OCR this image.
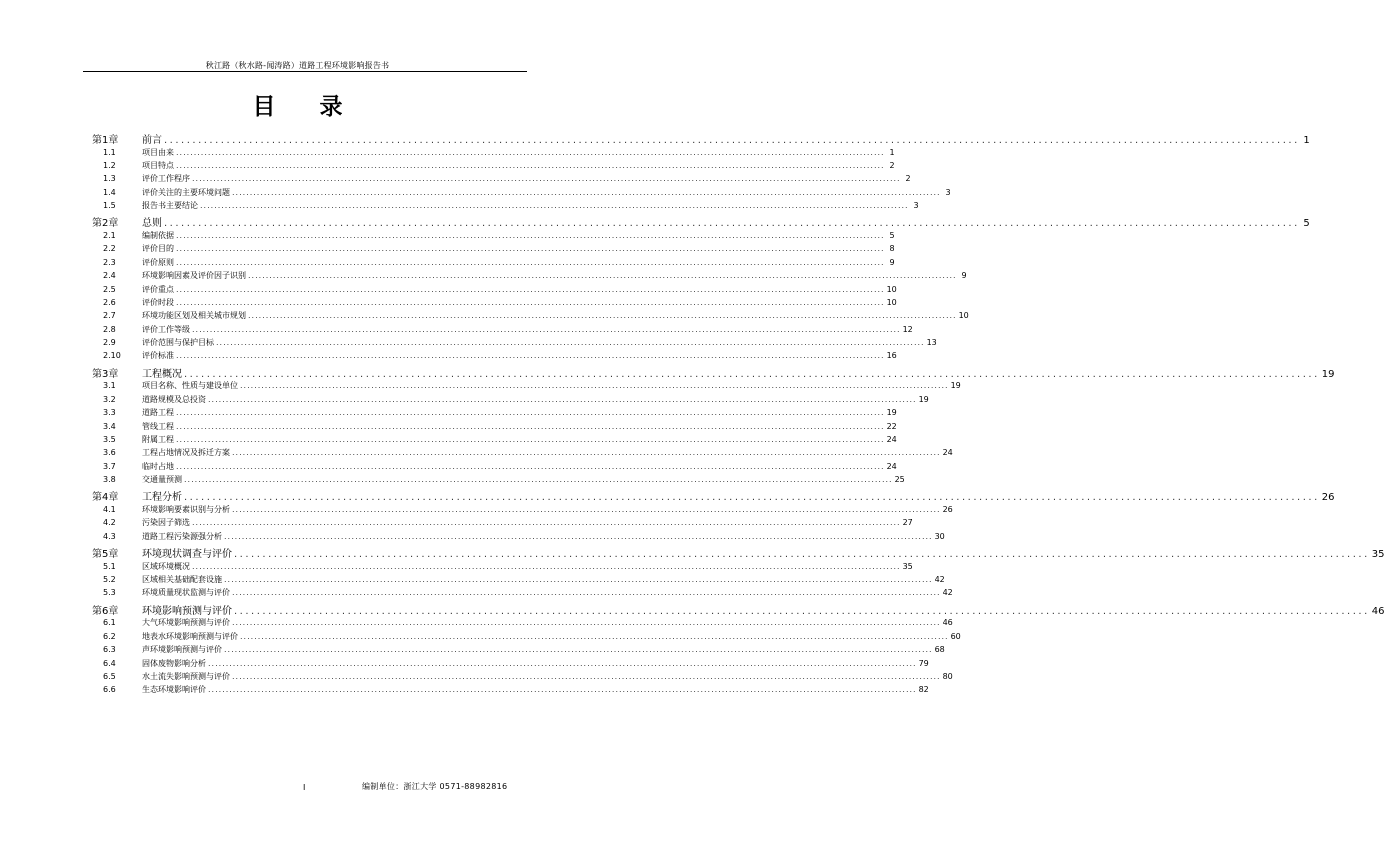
秋江路（秋水路-闻涛路）道路工程环境影响报告书
目 录
第1章	前言 ........................................................................................................................................................................................................ 1
1.1	项目由来 ........................................................................................................................................................................................................ 1
1.2	项目特点 ........................................................................................................................................................................................................ 2
1.3	评价工作程序 ........................................................................................................................................................................................................ 2
1.4	评价关注的主要环境问题 ........................................................................................................................................................................................................ 3
1.5	报告书主要结论 ........................................................................................................................................................................................................ 3
第2章	总则 ........................................................................................................................................................................................................ 5
2.1	编制依据 ........................................................................................................................................................................................................ 5
2.2	评价目的 ........................................................................................................................................................................................................ 8
2.3	评价原则 ........................................................................................................................................................................................................ 9
2.4	环境影响因素及评价因子识别 ........................................................................................................................................................................................................ 9
2.5	评价重点 ........................................................................................................................................................................................................ 10
2.6	评价时段 ........................................................................................................................................................................................................ 10
2.7	环境功能区划及相关城市规划 ........................................................................................................................................................................................................ 10
2.8	评价工作等级 ........................................................................................................................................................................................................ 12
2.9	评价范围与保护目标 ........................................................................................................................................................................................................ 13
2.10	评价标准 ........................................................................................................................................................................................................ 16
第3章	工程概况 ........................................................................................................................................................................................................ 19
3.1	项目名称、性质与建设单位 ........................................................................................................................................................................................................ 19
3.2	道路规模及总投资 ........................................................................................................................................................................................................ 19
3.3	道路工程 ........................................................................................................................................................................................................ 19
3.4	管线工程 ........................................................................................................................................................................................................ 22
3.5	附属工程 ........................................................................................................................................................................................................ 24
3.6	工程占地情况及拆迁方案 ........................................................................................................................................................................................................ 24
3.7	临时占地 ........................................................................................................................................................................................................ 24
3.8	交通量预测 ........................................................................................................................................................................................................ 25
第4章	工程分析 ........................................................................................................................................................................................................ 26
4.1	环境影响要素识别与分析 ........................................................................................................................................................................................................ 26
4.2	污染因子筛选 ........................................................................................................................................................................................................ 27
4.3	道路工程污染源强分析 ........................................................................................................................................................................................................ 30
第5章	环境现状调查与评价 ........................................................................................................................................................................................................ 35
5.1	区域环境概况 ........................................................................................................................................................................................................ 35
5.2	区域相关基础配套设施 ........................................................................................................................................................................................................ 42
5.3	环境质量现状监测与评价 ........................................................................................................................................................................................................ 42
第6章	环境影响预测与评价 ........................................................................................................................................................................................................ 46
6.1	大气环境影响预测与评价 ........................................................................................................................................................................................................ 46
6.2	地表水环境影响预测与评价 ........................................................................................................................................................................................................ 60
6.3	声环境影响预测与评价 ........................................................................................................................................................................................................ 68
6.4	固体废物影响分析 ........................................................................................................................................................................................................ 79
6.5	水土流失影响预测与评价 ........................................................................................................................................................................................................ 80
6.6	生态环境影响评价 ........................................................................................................................................................................................................ 82
I	编制单位：浙江大学 0571-88982816
